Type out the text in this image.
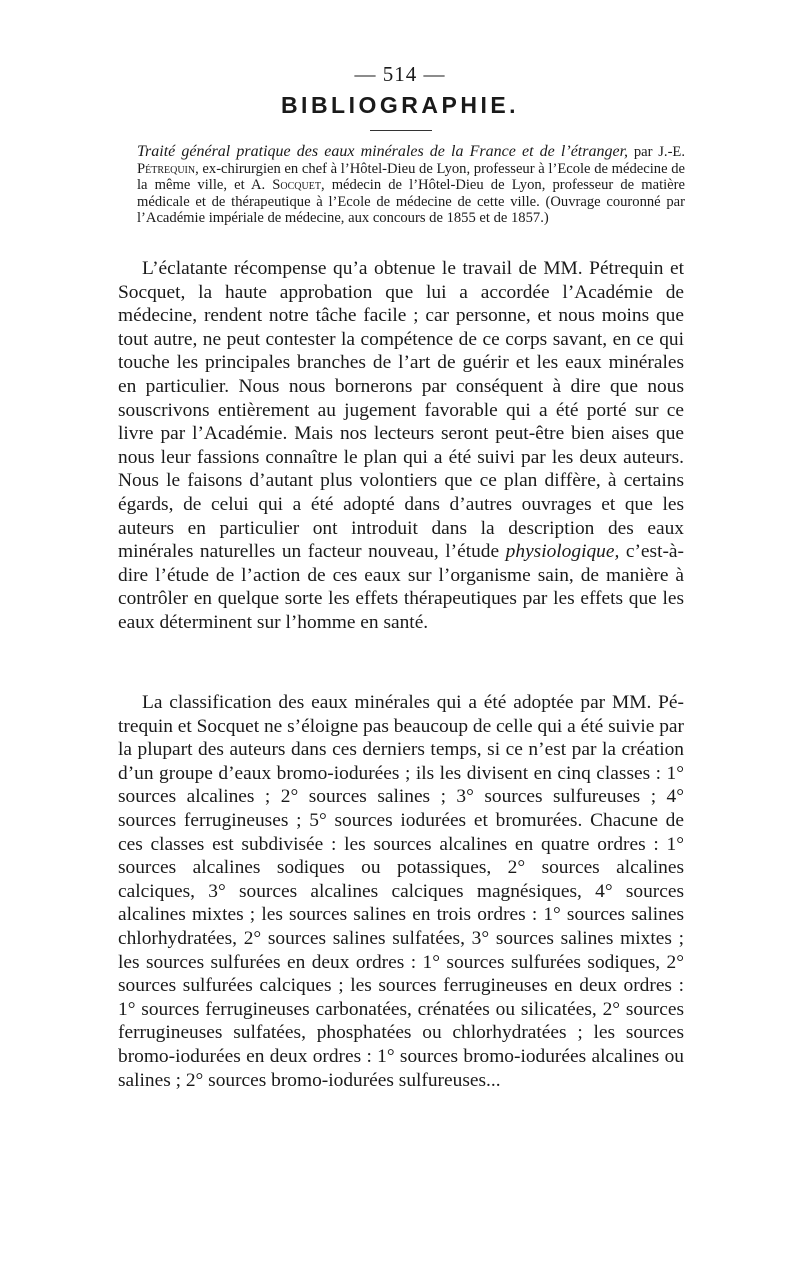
— 514 —
BIBLIOGRAPHIE.
Traité général pratique des eaux minérales de la France et de l’étranger, par J.-E. Pétrequin, ex-chirurgien en chef à l’Hôtel-Dieu de Lyon, professeur à l’Ecole de médecine de la même ville, et A. Socquet, médecin de l’Hôtel-Dieu de Lyon, professeur de matière médicale et de thérapeutique à l’Ecole de médecine de cette ville. (Ouvrage couronné par l’Académie impériale de médecine, aux concours de 1855 et de 1857.)

L’éclatante récompense qu’a obtenue le travail de MM. Pétrequin et Socquet, la haute approbation que lui a accordée l’Académie de médecine, rendent notre tâche facile ; car personne, et nous moins que tout autre, ne peut contester la compétence de ce corps savant, en ce qui touche les principales branches de l’art de guérir et les eaux minérales en particulier. Nous nous bornerons par conséquent à dire que nous souscrivons entièrement au jugement favorable qui a été porté sur ce livre par l’Académie. Mais nos lecteurs seront peut-être bien aises que nous leur fassions connaître le plan qui a été suivi par les deux auteurs. Nous le faisons d’autant plus volontiers que ce plan diffère, à certains égards, de celui qui a été adopté dans d’autres ouvrages et que les auteurs en particulier ont introduit dans la description des eaux minérales naturelles un facteur nouveau, l’étude physiologique, c’est-à-dire l’étude de l’action de ces eaux sur l’organisme sain, de manière à contrôler en quelque sorte les effets thérapeutiques par les effets que les eaux déterminent sur l’homme en santé.

La classification des eaux minérales qui a été adoptée par MM. Pétrequin et Socquet ne s’éloigne pas beaucoup de celle qui a été suivie par la plupart des auteurs dans ces derniers temps, si ce n’est par la création d’un groupe d’eaux bromo-iodurées ; ils les divisent en cinq classes : 1° sources alcalines ; 2° sources salines ; 3° sources sulfureuses ; 4° sources ferrugineuses ; 5° sources iodurées et bromurées. Chacune de ces classes est subdivisée : les sources alcalines en quatre ordres : 1° sources alcalines sodiques ou potassiques, 2° sources alcalines calciques, 3° sources alcalines calciques magnésiques, 4° sources alcalines mixtes ; les sources salines en trois ordres : 1° sources salines chlorhydratées, 2° sources salines sulfatées, 3° sources salines mixtes ; les sources sulfurées en deux ordres : 1° sources sulfurées sodiques, 2° sources sulfurées calciques ; les sources ferrugineuses en deux ordres : 1° sources ferrugineuses carbonatées, crénatées ou silicatées, 2° sources ferrugineuses sulfatées, phosphatées ou chlorhydratées ; les sources bromo-iodurées en deux ordres : 1° sources bromo-iodurées alcalines ou salines ; 2° sources bromo-iodurées sulfureuses...
